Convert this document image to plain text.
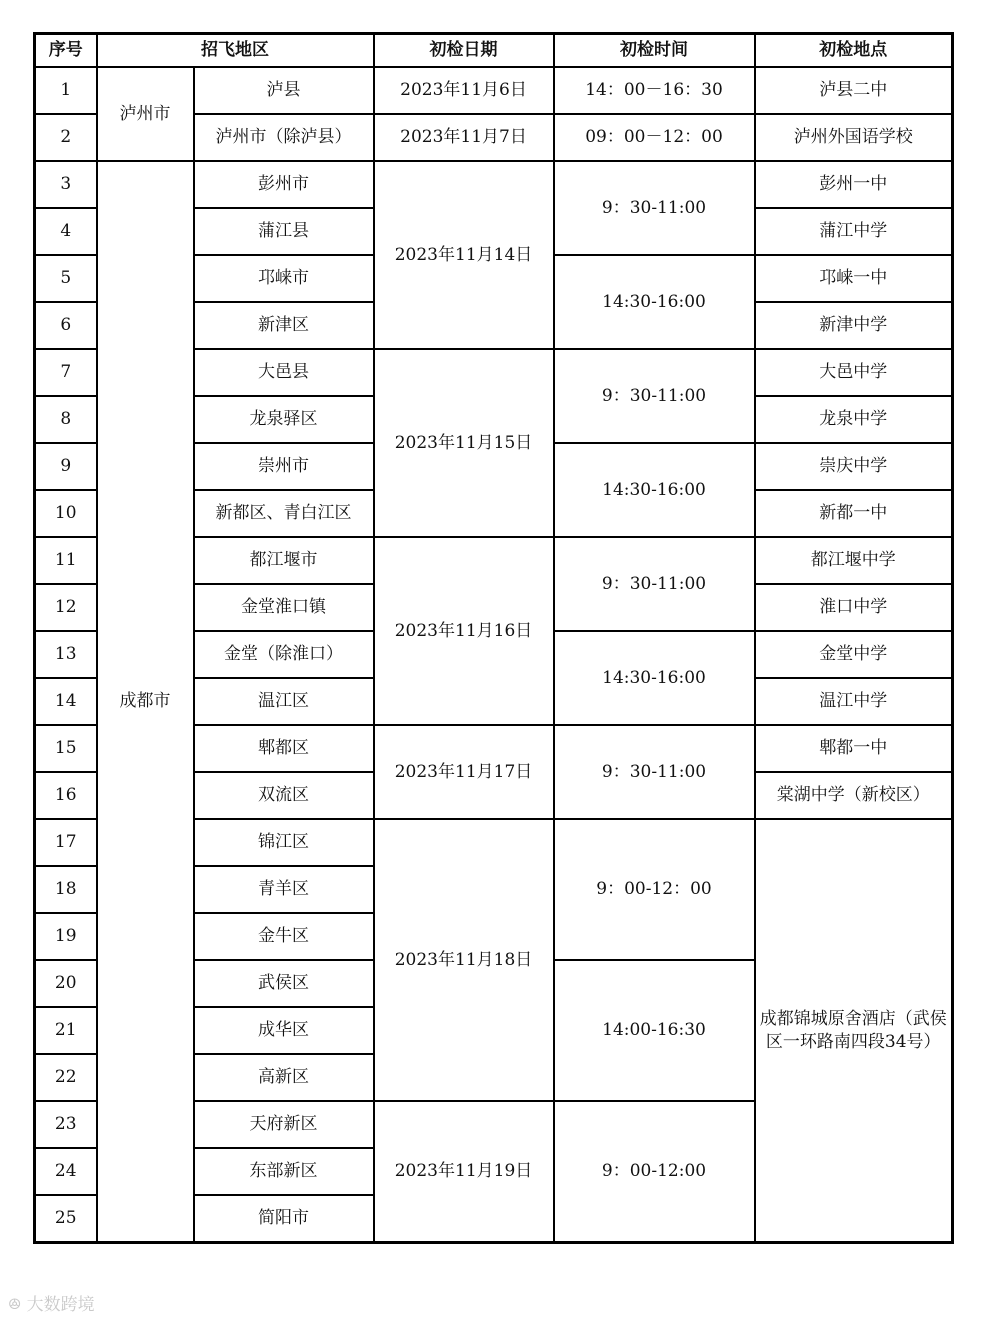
序号	招飞地区		初检日期	初检时间	初检地点
1	泸州市	泸县	2023年11月6日	14：00－16：30	泸县二中
2		泸州市（除泸县）	2023年11月7日	09：00－12：00	泸州外国语学校
3	成都市	彭州市	2023年11月14日	9：30-11:00	彭州一中
4		蒲江县			蒲江中学
5		邛崃市		14:30-16:00	邛崃一中
6		新津区			新津中学
7		大邑县	2023年11月15日	9：30-11:00	大邑中学
8		龙泉驿区			龙泉中学
9		崇州市		14:30-16:00	崇庆中学
10		新都区、青白江区			新都一中
11		都江堰市	2023年11月16日	9：30-11:00	都江堰中学
12		金堂淮口镇			淮口中学
13		金堂（除淮口）		14:30-16:00	金堂中学
14		温江区			温江中学
15		郫都区	2023年11月17日	9：30-11:00	郫都一中
16		双流区			棠湖中学（新校区）
17		锦江区	2023年11月18日	9：00-12：00	成都锦城原舍酒店（武侯区一环路南四段34号）
18		青羊区			
19		金牛区			
20		武侯区		14:00-16:30	
21		成华区			
22		高新区			
23		天府新区	2023年11月19日	9：00-12:00	
24		东部新区			
25		简阳市			
ꔮ 大数跨境
